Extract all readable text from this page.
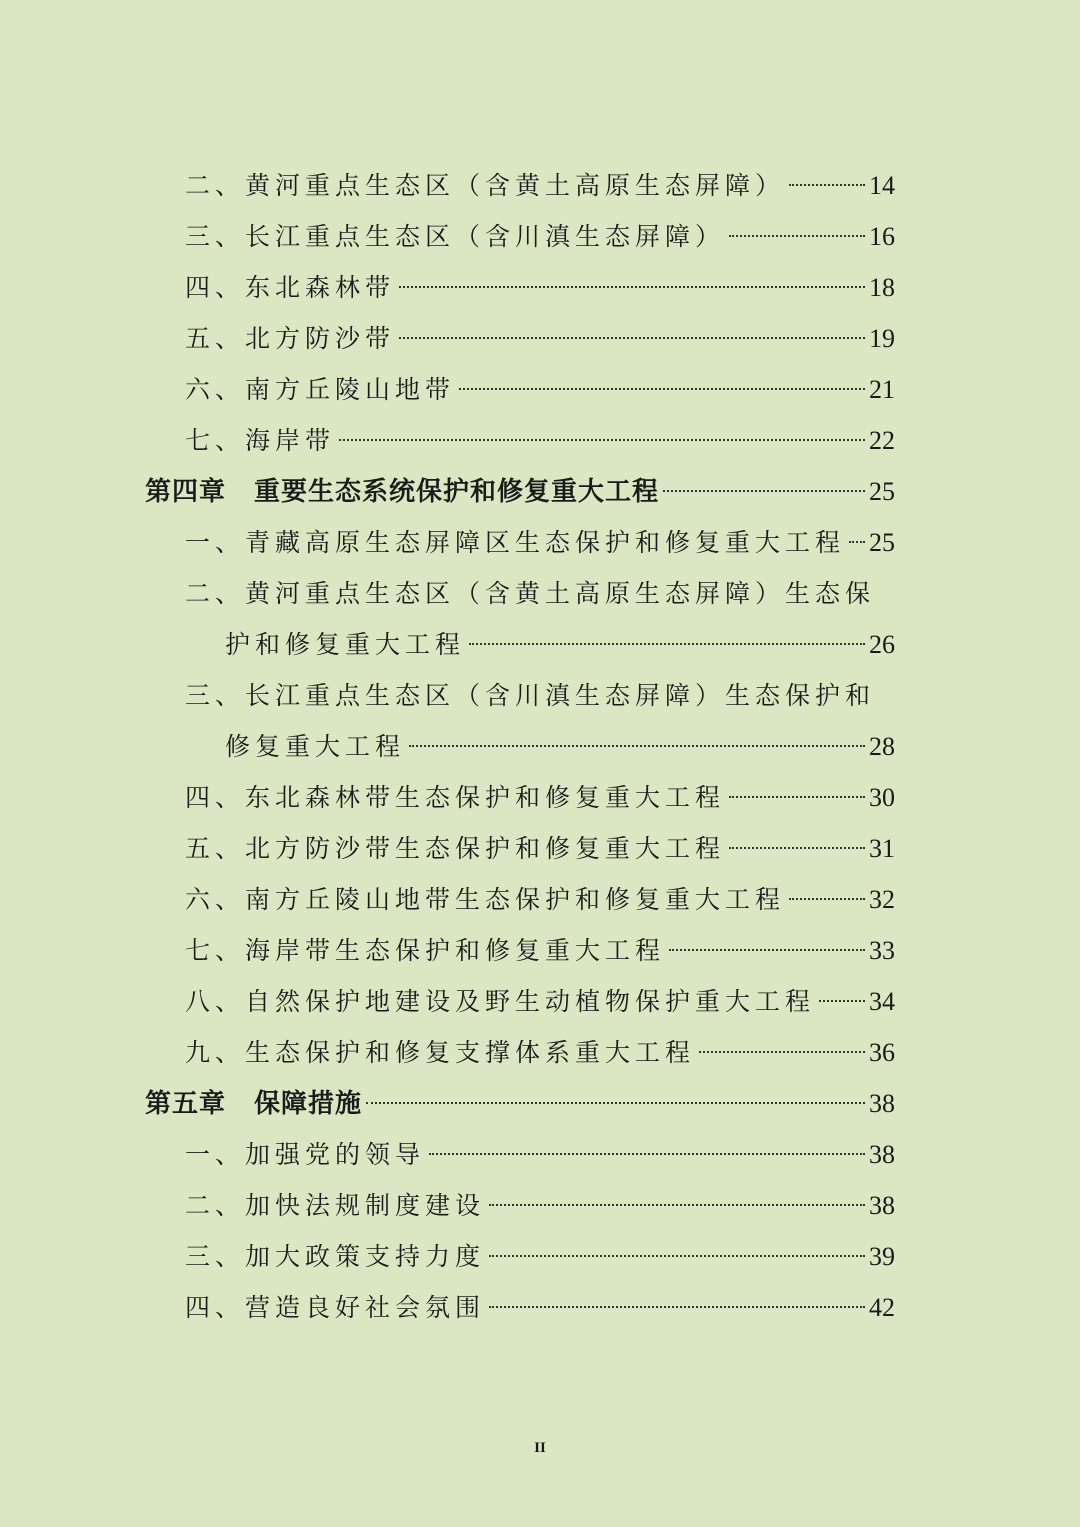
二、黄河重点生态区（含黄土高原生态屏障）	14
三、长江重点生态区（含川滇生态屏障）	16
四、东北森林带	18
五、北方防沙带	19
六、南方丘陵山地带	21
七、海岸带	22
第四章 重要生态系统保护和修复重大工程	25
一、青藏高原生态屏障区生态保护和修复重大工程 25
二、黄河重点生态区（含黄土高原生态屏障）生态保
护和修复重大工程	26
三、长江重点生态区（含川滇生态屏障）生态保护和
修复重大工程	28
四、东北森林带生态保护和修复重大工程	30
五、北方防沙带生态保护和修复重大工程	31
六、南方丘陵山地带生态保护和修复重大工程	32
七、海岸带生态保护和修复重大工程	33
八、自然保护地建设及野生动植物保护重大工程 34
九、生态保护和修复支撑体系重大工程	36
第五章 保障措施	38
一、加强党的领导	38
二、加快法规制度建设	38
三、加大政策支持力度	39
四、营造良好社会氛围	42
II
